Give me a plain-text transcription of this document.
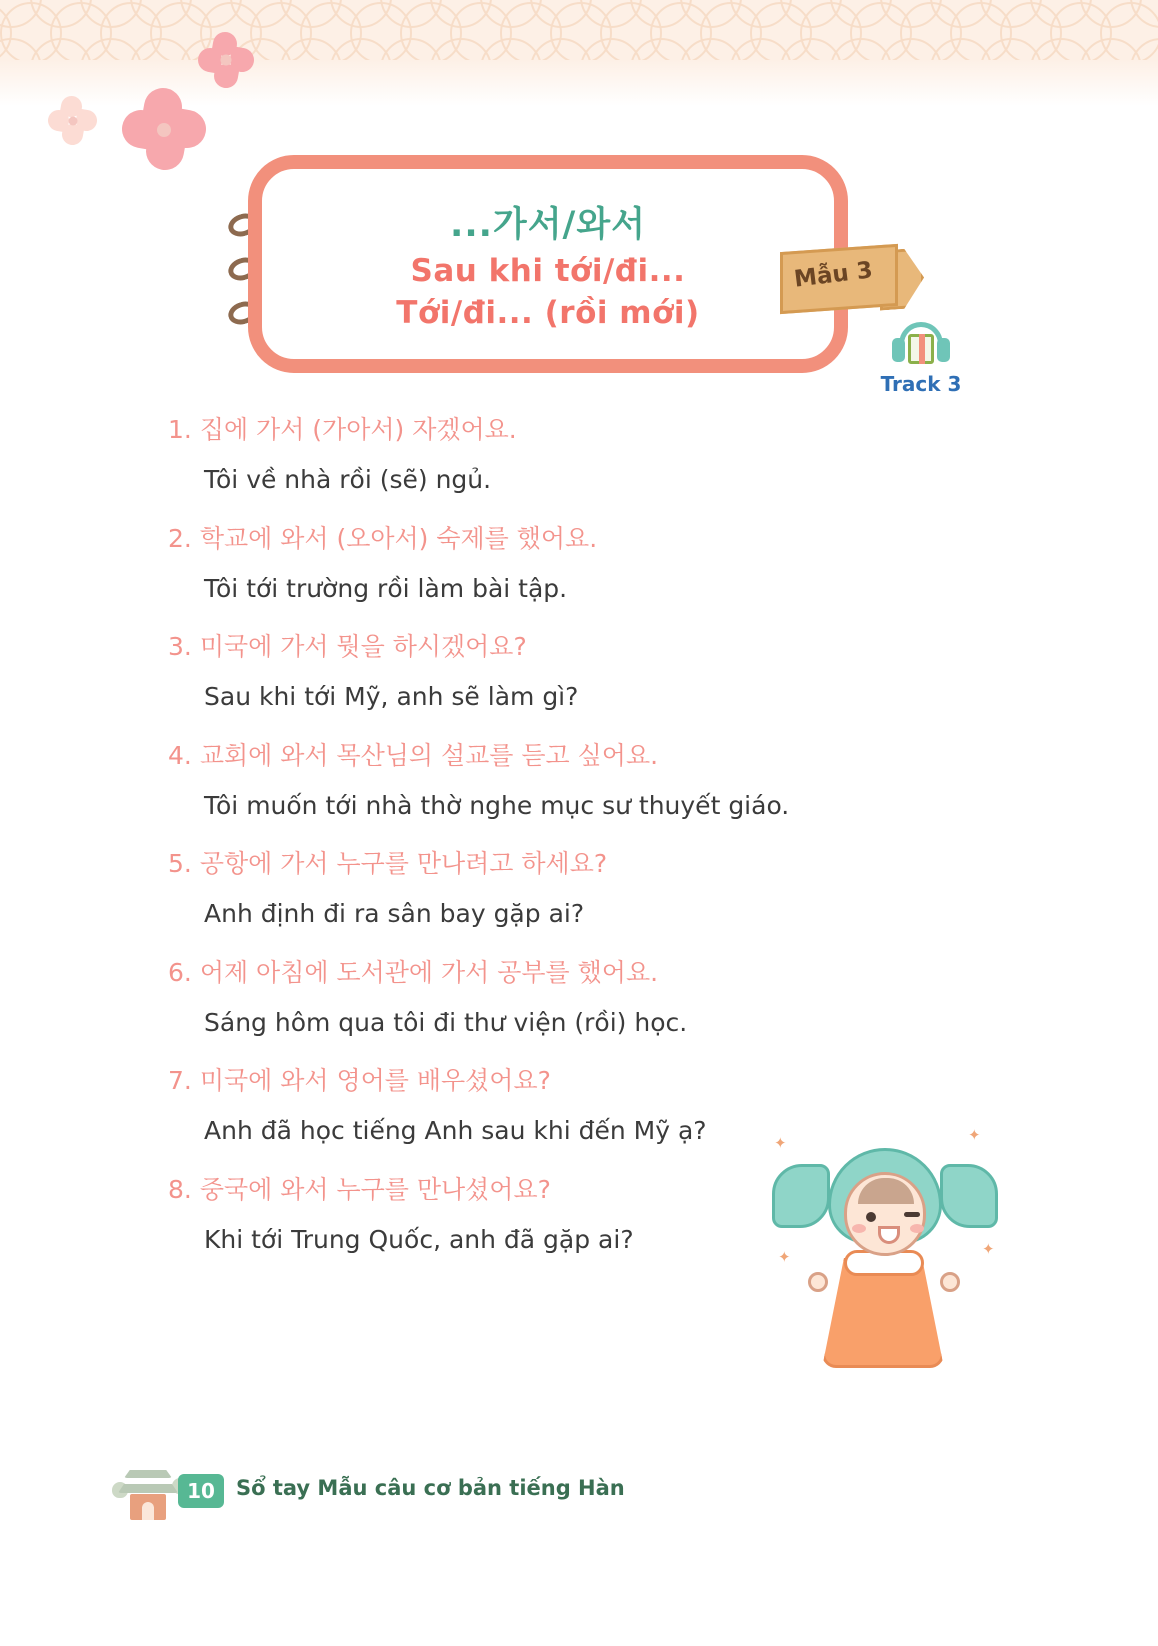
...가서/와서
Sau khi tới/đi...
Tới/đi... (rồi mới)
Mẫu 3
Track 3
1. 집에 가서 (가아서) 자겠어요.
Tôi về nhà rồi (sẽ) ngủ.
2. 학교에 와서 (오아서) 숙제를 했어요.
Tôi tới trường rồi làm bài tập.
3. 미국에 가서 뭣을 하시겠어요?
Sau khi tới Mỹ, anh sẽ làm gì?
4. 교회에 와서 목산님의 설교를 듣고 싶어요.
Tôi muốn tới nhà thờ nghe mục sư thuyết giáo.
5. 공항에 가서 누구를 만나려고 하세요?
Anh định đi ra sân bay gặp ai?
6. 어제 아침에 도서관에 가서 공부를 했어요.
Sáng hôm qua tôi đi thư viện (rồi) học.
7. 미국에 와서 영어를 배우셨어요?
Anh đã học tiếng Anh sau khi đến Mỹ ạ?
8. 중국에 와서 누구를 만나셨어요?
Khi tới Trung Quốc, anh đã gặp ai?
✦	✦
✦	✦
10	Sổ tay Mẫu câu cơ bản tiếng Hàn
